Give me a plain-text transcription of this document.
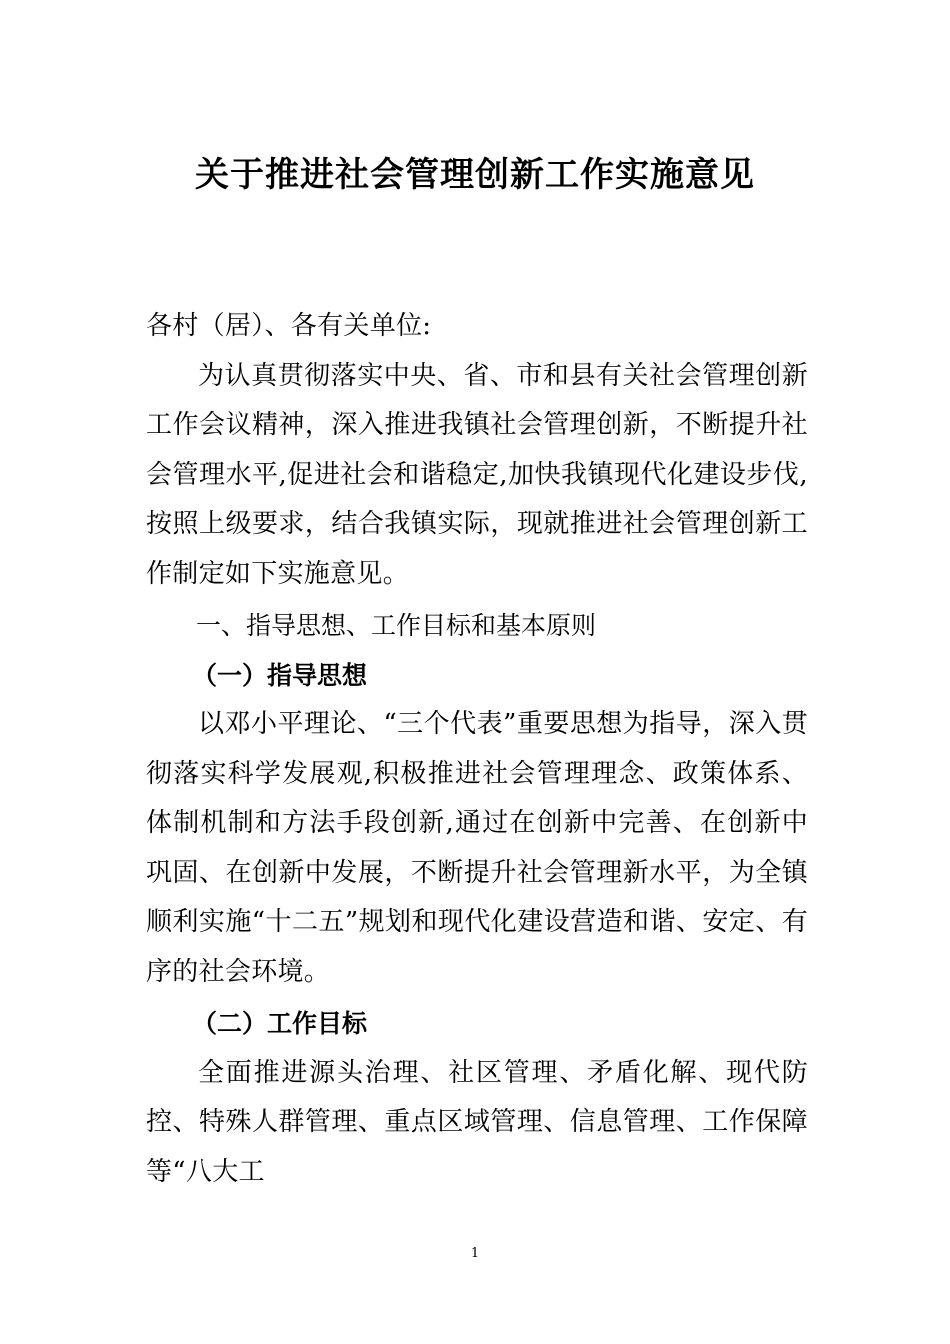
关于推进社会管理创新工作实施意见

各村（居）、各有关单位:

为认真贯彻落实中央、省、市和县有关社会管理创新工作会议精神，深入推进我镇社会管理创新，不断提升社会管理水平,促进社会和谐稳定,加快我镇现代化建设步伐,按照上级要求，结合我镇实际，现就推进社会管理创新工作制定如下实施意见。

一、指导思想、工作目标和基本原则

（一）指导思想

以邓小平理论、“三个代表”重要思想为指导，深入贯彻落实科学发展观,积极推进社会管理理念、政策体系、体制机制和方法手段创新,通过在创新中完善、在创新中巩固、在创新中发展，不断提升社会管理新水平，为全镇顺利实施“十二五”规划和现代化建设营造和谐、安定、有序的社会环境。

（二）工作目标

全面推进源头治理、社区管理、矛盾化解、现代防控、特殊人群管理、重点区域管理、信息管理、工作保障等“八大工

1
